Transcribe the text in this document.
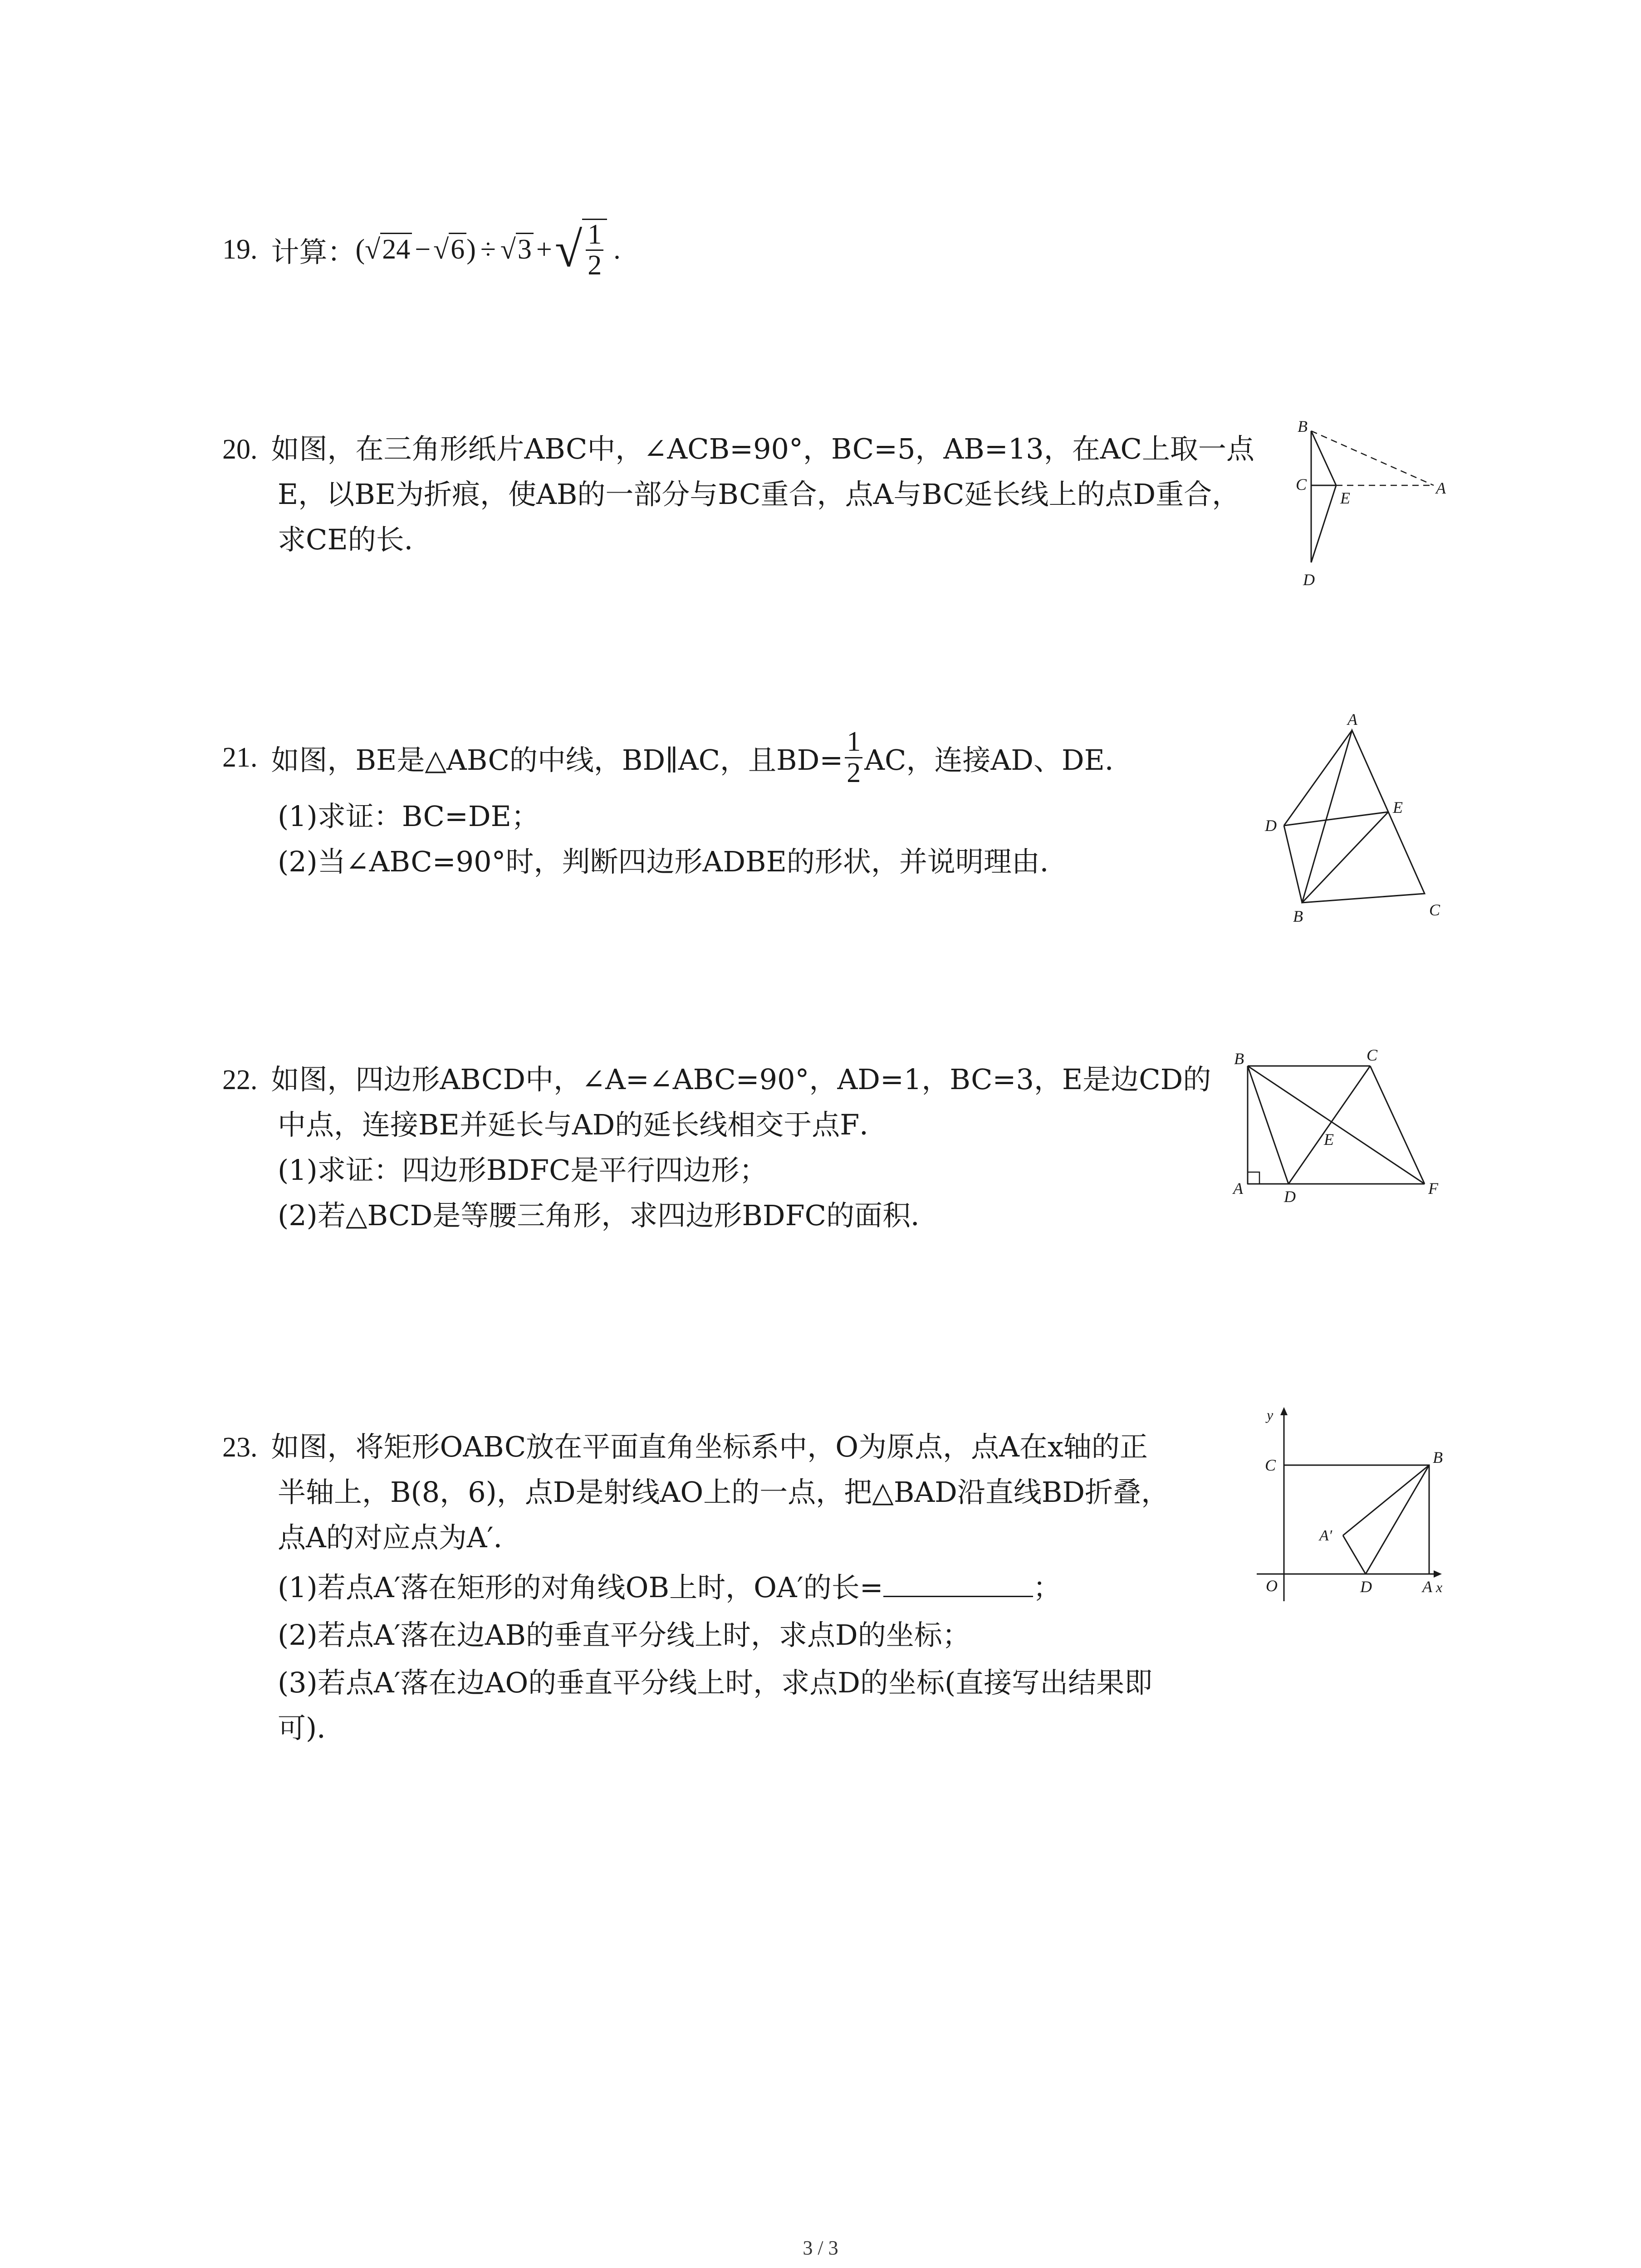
19. 计算： ( √24 − √6 ) ÷ √3 + √ $\frac{1}{2}$ .
20. 如图，在三角形纸片ABC中，∠ACB=90°，BC=5，AB=13，在AC上取一点
E，以BE为折痕，使AB的一部分与BC重合，点A与BC延长线上的点D重合，
求CE的长．
B
C
E
A
D
21. 如图，BE是△ABC的中线，BD∥AC，且$BD= \frac{1}{2}$ AC，连接AD、DE．
(1)求证：BC=DE；
(2)当∠ABC=90°时，判断四边形ADBE的形状，并说明理由．
A
D
E
B	C
22. 如图，四边形ABCD中，∠A=∠ABC=90°，AD=1，BC=3，E是边CD的
中点，连接BE并延长与AD的延长线相交于点F．
(1)求证：四边形BDFC是平行四边形；
(2)若△BCD是等腰三角形，求四边形BDFC的面积．
B	C
E
A	D	F
23. 如图，将矩形OABC放在平面直角坐标系中，O为原点，点A在x轴的正
半轴上，B(8，6)，点D是射线AO上的一点，把△BAD沿直线BD折叠，
点A的对应点为A′．
(1)若点A′落在矩形的对角线OB上时，OA′的长=	；
(2)若点A′落在边AB的垂直平分线上时，求点D的坐标；
(3)若点A′落在边AO的垂直平分线上时，求点D的坐标(直接写出结果即
可)．
y
C	B
A′
O	D	A x
3 / 3
